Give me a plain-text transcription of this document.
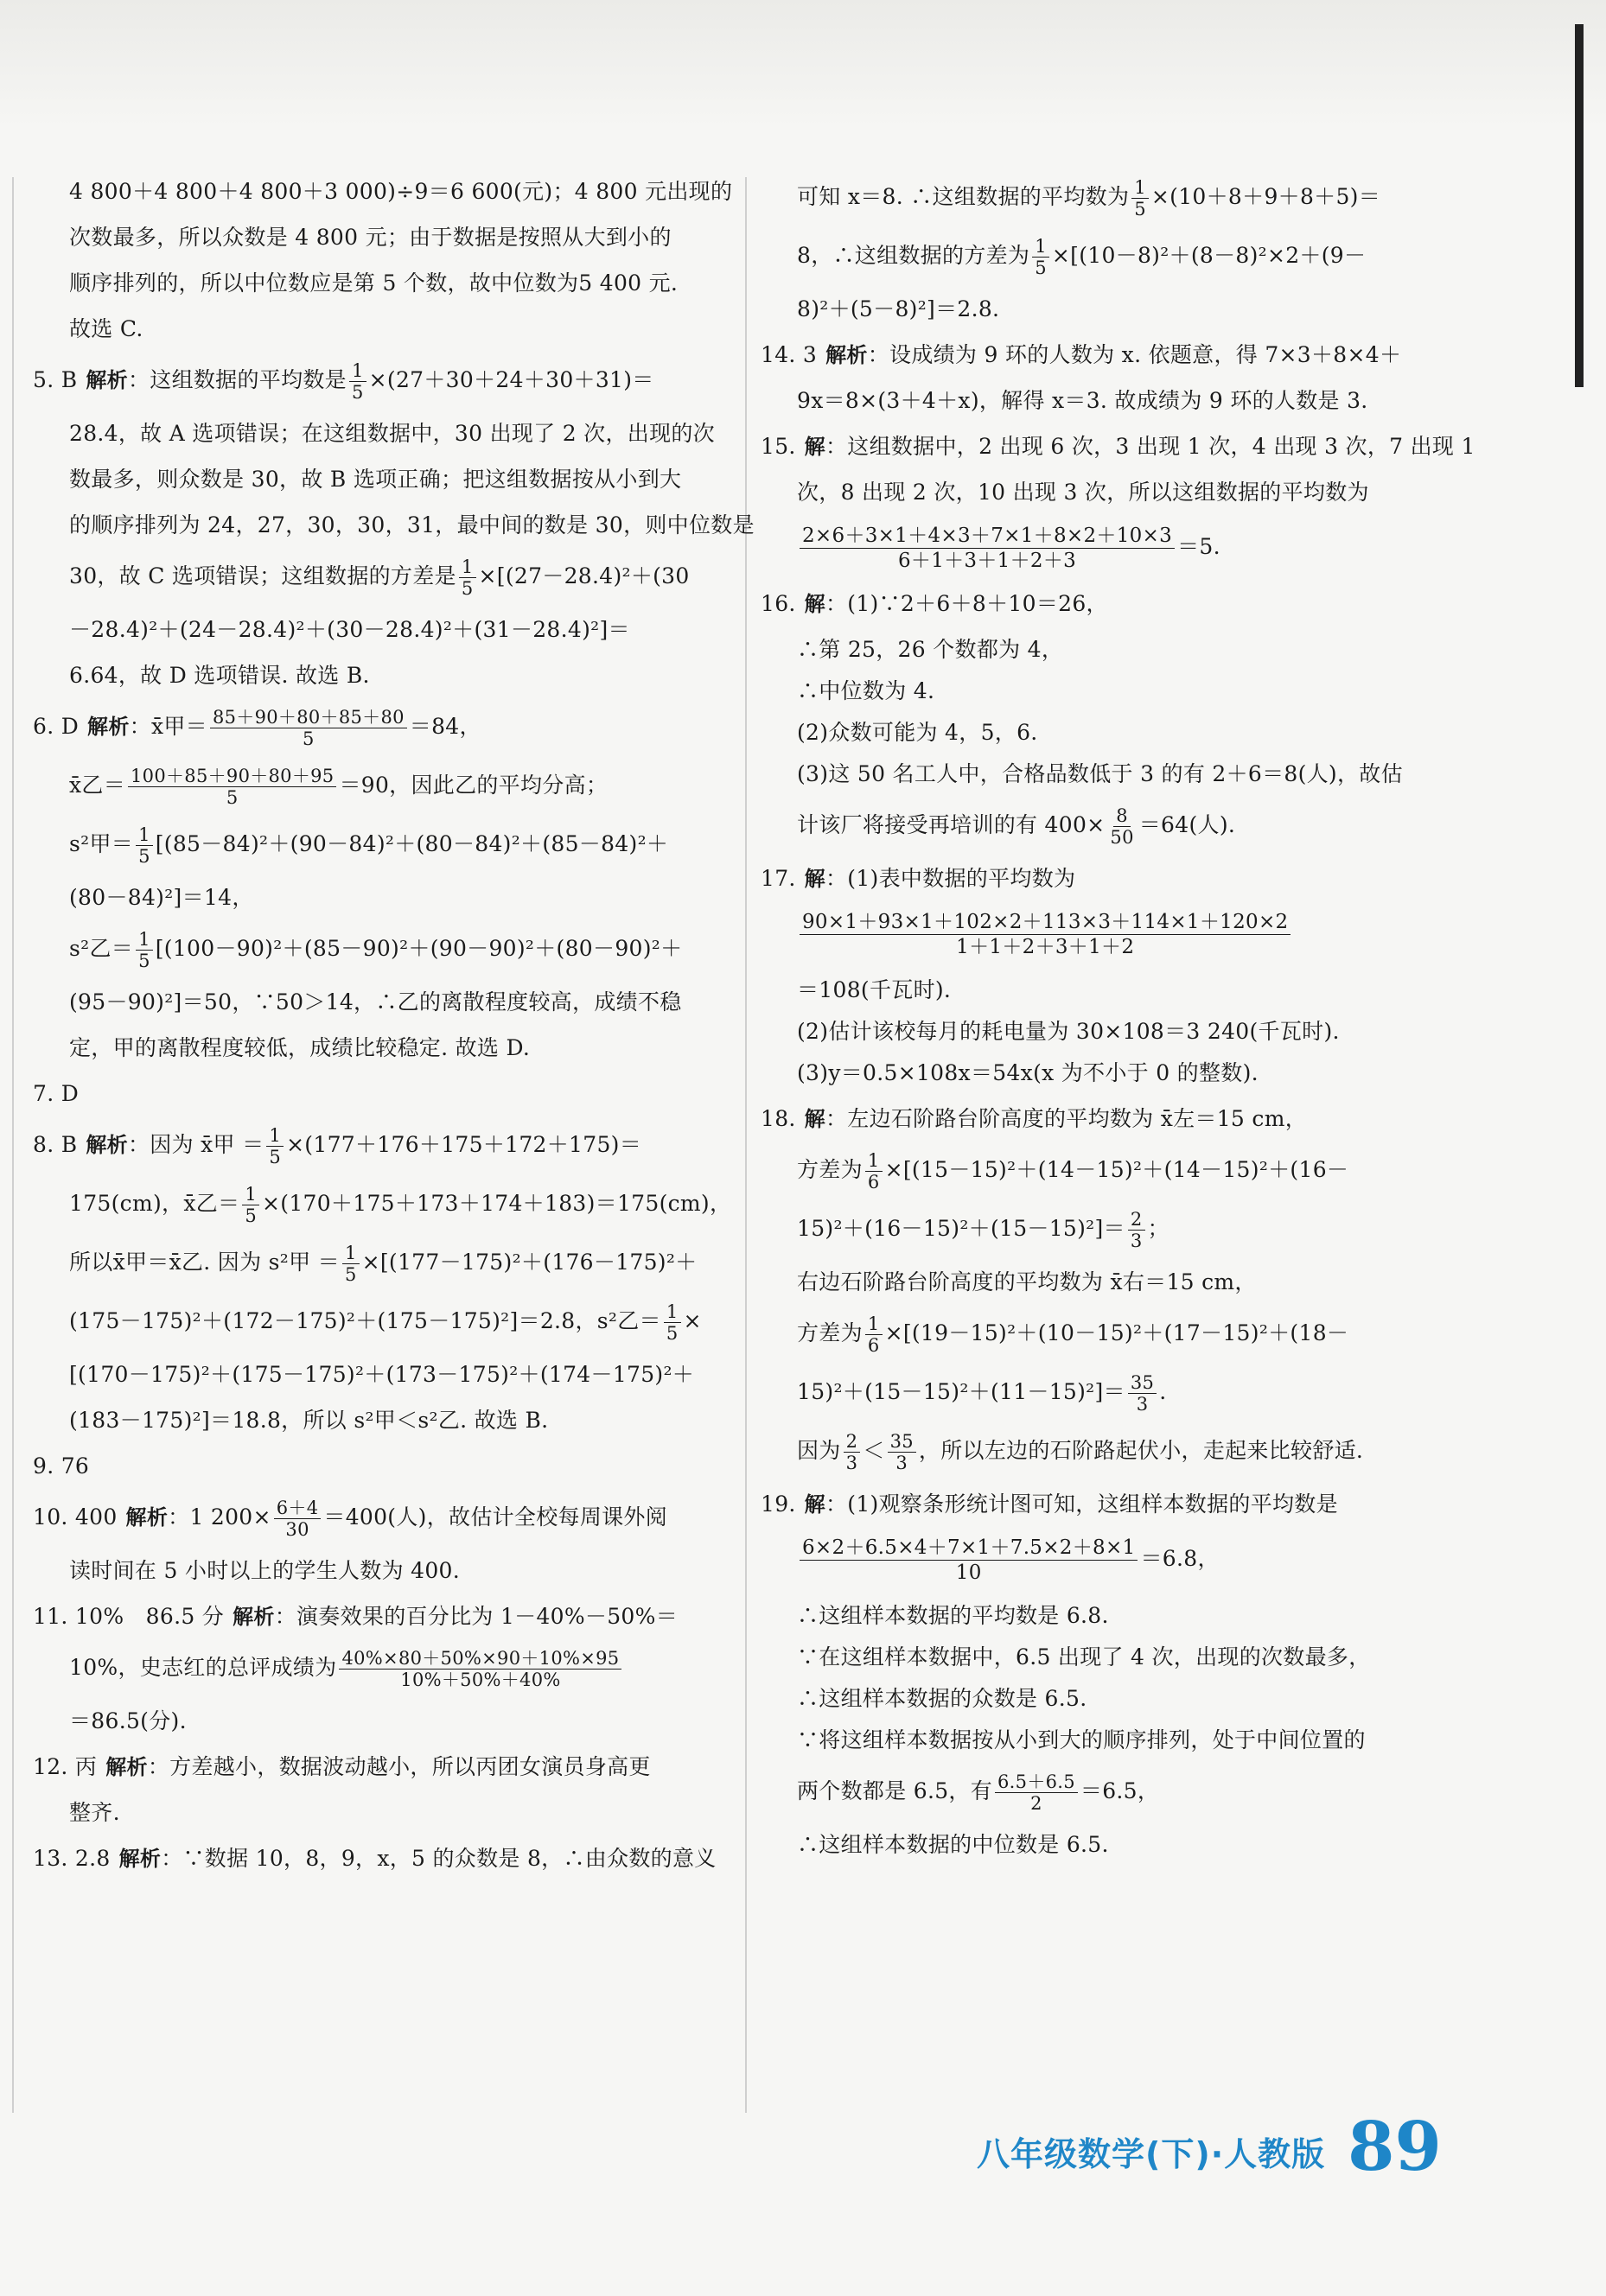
4 800＋4 800＋4 800＋3 000)÷9＝6 600(元)；4 800 元出现的
次数最多，所以众数是 4 800 元；由于数据是按照从大到小的
顺序排列的，所以中位数应是第 5 个数，故中位数为5 400 元.
故选 C.
5. B 解析：这组数据的平均数是 $\frac{1}{5} \times(27+30+24+30+31)=$
28.4，故 A 选项错误；在这组数据中，30 出现了 2 次，出现的次
数最多，则众数是 30，故 B 选项正确；把这组数据按从小到大
的顺序排列为 24，27，30，30，31，最中间的数是 30，则中位数是
30，故 C 选项错误；这组数据的方差是 $\frac{1}{5} \times[(27-28.4)^2+(30$
－28.4)²＋(24－28.4)²＋(30－28.4)²＋(31－28.4)²]＝
6.64，故 D 选项错误. 故选 B.
6. D 解析：x̄甲＝ $\frac{85+90+80+85+80}{5} =84$，
x̄乙＝ $\frac{100+85+90+80+95}{5} =90$，因此乙的平均分高；
s²甲＝ $\frac{1}{5} [(85-84)^2+(90-84)^2+(80-84)^2+(85-84)^2+$
(80－84)²]＝14，
s²乙＝ $\frac{1}{5} [(100-90)^2+(85-90)^2+(90-90)^2+(80-90)^2+$
(95－90)²]＝50，∵50＞14，∴乙的离散程度较高，成绩不稳
定，甲的离散程度较低，成绩比较稳定. 故选 D.
7. D
8. B 解析：因为 x̄甲 ＝ $\frac{1}{5} \times(177+176+175+172+175)=$
175(cm)，x̄乙＝ $\frac{1}{5} \times(170+175+173+174+183)=175(cm)$，
所以x̄甲＝x̄乙. 因为 s²甲 ＝ $\frac{1}{5} \times[(177-175)^2+(176-175)^2+$
(175－175)²＋(172－175)²＋(175－175)²]＝2.8，s²乙＝ $\frac{1}{5}$ ×
[(170－175)²＋(175－175)²＋(173－175)²＋(174－175)²＋
(183－175)²]＝18.8，所以 s²甲＜s²乙. 故选 B.
9. 76
10. 400 解析：1 $200\times \frac{6+4}{30} =400$(人)，故估计全校每周课外阅
读时间在 5 小时以上的学生人数为 400.
11. 10%　86.5 分 解析：演奏效果的百分比为 1－40%－50%＝
10%，史志红的总评成绩为 $\frac{40\%\times 80+50\%\times 90+10\%\times 95}{10\%+50\%+40\%}$
＝86.5(分).
12. 丙 解析：方差越小，数据波动越小，所以丙团女演员身高更
整齐.
13. 2.8 解析：∵数据 10，8，9，x，5 的众数是 8，∴由众数的意义
可知 x＝8. ∴这组数据的平均数为 $\frac{1}{5} \times(10+8+9+8+5)=$
8，∴这组数据的方差为 $\frac{1}{5} \times[(10-8)^2+(8-8)^2\times 2+(9-$
8)²＋(5－8)²]＝2.8.
14. 3 解析：设成绩为 9 环的人数为 x. 依题意，得 7×3＋8×4＋
9x＝8×(3＋4＋x)，解得 x＝3. 故成绩为 9 环的人数是 3.
15. 解：这组数据中，2 出现 6 次，3 出现 1 次，4 出现 3 次，7 出现 1
次，8 出现 2 次，10 出现 3 次，所以这组数据的平均数为
$\frac{2\times 6+3\times 1+4\times 3+7\times 1+8\times 2+10\times 3}{6+1+3+1+2+3} =5$.
16. 解：(1)∵2＋6＋8＋10＝26，
∴第 25，26 个数都为 4，
∴中位数为 4.
(2)众数可能为 4，5，6.
(3)这 50 名工人中，合格品数低于 3 的有 2＋6＝8(人)，故估
计该厂将接受再培训的有 $400\times \frac{8}{50} =64$(人).
17. 解：(1)表中数据的平均数为
$\frac{90\times 1+93\times 1+102\times 2+113\times 3+114\times 1+120\times 2}{1+1+2+3+1+2}$
＝108(千瓦时).
(2)估计该校每月的耗电量为 30×108＝3 240(千瓦时).
(3)y＝0.5×108x＝54x(x 为不小于 0 的整数).
18. 解：左边石阶路台阶高度的平均数为 x̄左＝15 cm，
方差为 $\frac{1}{6} \times[(15-15)^2+(14-15)^2+(14-15)^2+(16-$
$15)^2+(16-15)^2+(15-15)^2]= \frac{2}{3}$ ；
右边石阶路台阶高度的平均数为 x̄右＝15 cm，
方差为 $\frac{1}{6} \times[(19-15)^2+(10-15)^2+(17-15)^2+(18-$
$15)^2+(15-15)^2+(11-15)^2]= \frac{35}{3}$ .
因为 $\frac{2}{3} < \frac{35}{3}$ ，所以左边的石阶路起伏小，走起来比较舒适.
19. 解：(1)观察条形统计图可知，这组样本数据的平均数是
$\frac{6\times 2+6.5\times 4+7\times 1+7.5\times 2+8\times 1}{10} =6.8$，
∴这组样本数据的平均数是 6.8.
∵在这组样本数据中，6.5 出现了 4 次，出现的次数最多，
∴这组样本数据的众数是 6.5.
∵将这组样本数据按从小到大的顺序排列，处于中间位置的
两个数都是 6.5，有 $\frac{6.5+6.5}{2} =6.5$，
∴这组样本数据的中位数是 6.5.
八年级数学(下)·人教版 89
